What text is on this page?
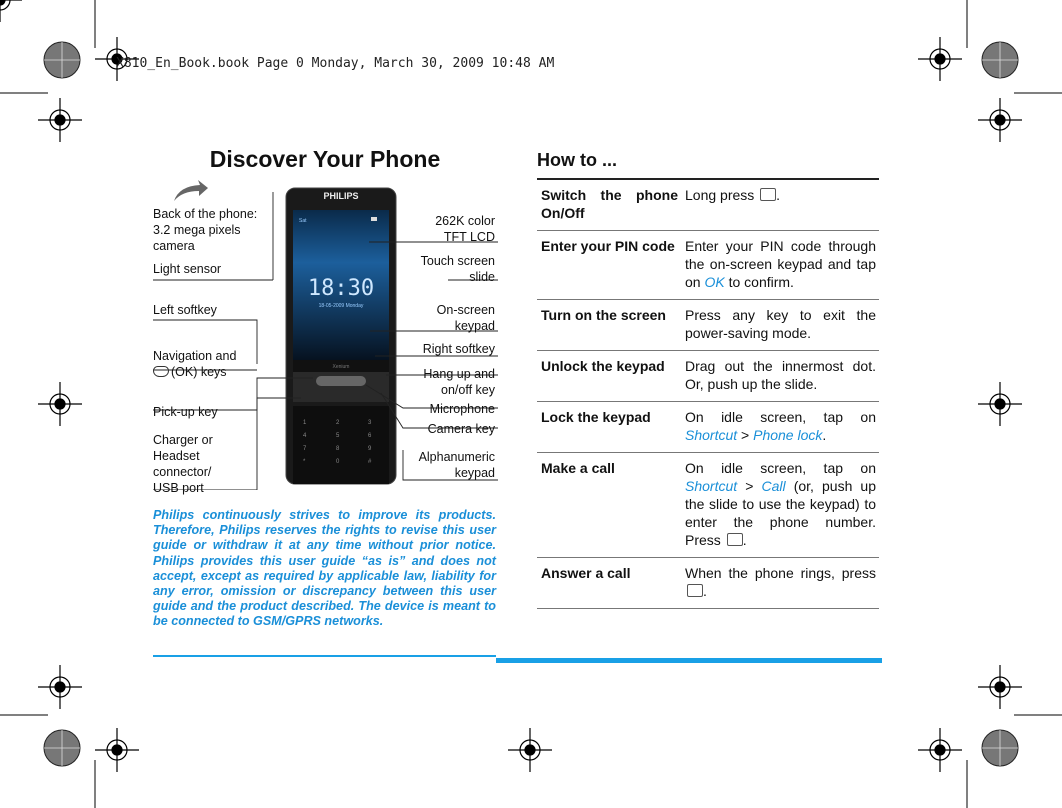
X810_En_Book.book Page 0 Monday, March 30, 2009 10:48 AM
Discover Your Phone	How to ...
1	2	3
4	5	6
7	8	9
*	0	#
PHILIPS
Sat
18:30
18-05-2009 Monday
Xenium
Back of the phone:
3.2 mega pixels
camera
Light sensor
Left softkey
Navigation and
(OK) keys
Pick-up key
Charger or
Headset
connector/
USB port
262K color
TFT LCD
Touch screen
slide
On-screen
keypad
Right softkey
Hang up and
on/off key
Microphone
Camera key
Alphanumeric
keypad
Philips continuously strives to improve its products. Therefore, Philips reserves the rights to revise this user guide or withdraw it at any time without prior notice. Philips provides this user guide “as is” and does not accept, except as required by applicable law, liability for any error, omission or discrepancy between this user guide and the product described. The device is meant to be connected to GSM/GPRS networks.
Switch the phone On/Off	Long press .
Enter your PIN code	Enter your PIN code through the on-screen keypad and tap on OK to confirm.
Turn on the screen	Press any key to exit the power-saving mode.
Unlock the keypad	Drag out the innermost dot. Or, push up the slide.
Lock the keypad	On idle screen, tap on Shortcut > Phone lock.
Make a call	On idle screen, tap on Shortcut > Call (or, push up the slide to use the keypad) to enter the phone number. Press .
Answer a call	When the phone rings, press .
